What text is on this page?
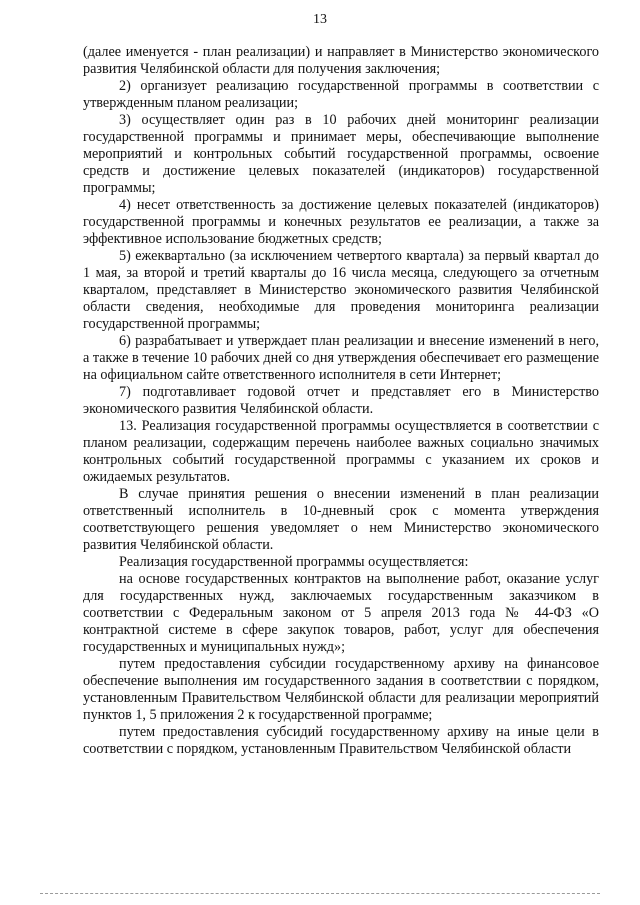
13

(далее именуется - план реализации) и направляет в Министерство экономического развития Челябинской области для получения заключения;

2) организует реализацию государственной программы в соответствии с утвержденным планом реализации;

3) осуществляет один раз в 10 рабочих дней мониторинг реализации государственной программы и принимает меры, обеспечивающие выполнение мероприятий и контрольных событий государственной программы, освоение средств и достижение целевых показателей (индикаторов) государственной программы;

4) несет ответственность за достижение целевых показателей (индикаторов) государственной программы и конечных результатов ее реализации, а также за эффективное использование бюджетных средств;

5) ежеквартально (за исключением четвертого квартала) за первый квартал до 1 мая, за второй и третий кварталы до 16 числа месяца, следующего за отчетным кварталом, представляет в Министерство экономического развития Челябинской области сведения, необходимые для проведения мониторинга реализации государственной программы;

6) разрабатывает и утверждает план реализации и внесение изменений в него, а также в течение 10 рабочих дней со дня утверждения обеспечивает его размещение на официальном сайте ответственного исполнителя в сети Интернет;

7) подготавливает годовой отчет и представляет его в Министерство экономического развития Челябинской области.

13. Реализация государственной программы осуществляется в соответствии с планом реализации, содержащим перечень наиболее важных социально значимых контрольных событий государственной программы с указанием их сроков и ожидаемых результатов.

В случае принятия решения о внесении изменений в план реализации ответственный исполнитель в 10-дневный срок с момента утверждения соответствующего решения уведомляет о нем Министерство экономического развития Челябинской области.

Реализация государственной программы осуществляется:

на основе государственных контрактов на выполнение работ, оказание услуг для государственных нужд, заключаемых государственным заказчиком в соответствии с Федеральным законом от 5 апреля 2013 года № 44-ФЗ «О контрактной системе в сфере закупок товаров, работ, услуг для обеспечения государственных и муниципальных нужд»;

путем предоставления субсидии государственному архиву на финансовое обеспечение выполнения им государственного задания в соответствии с порядком, установленным Правительством Челябинской области для реализации мероприятий пунктов 1, 5 приложения 2 к государственной программе;

путем предоставления субсидий государственному архиву на иные цели в соответствии с порядком, установленным Правительством Челябинской области
